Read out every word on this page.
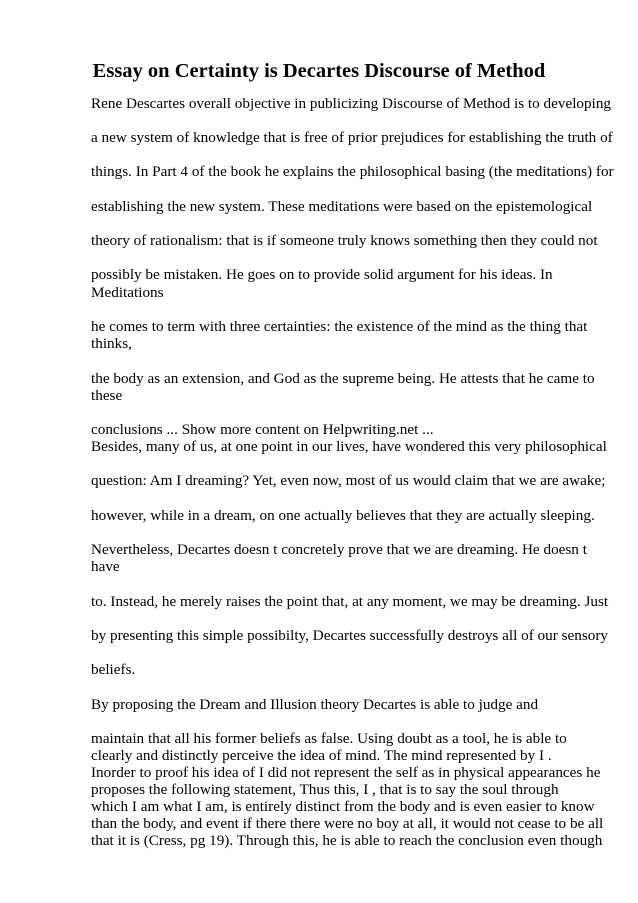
Essay on Certainty is Decartes Discourse of Method
Rene Descartes overall objective in publicizing Discourse of Method is to developing
a new system of knowledge that is free of prior prejudices for establishing the truth of
things. In Part 4 of the book he explains the philosophical basing (the meditations) for
establishing the new system. These meditations were based on the epistemological
theory of rationalism: that is if someone truly knows something then they could not
possibly be mistaken. He goes on to provide solid argument for his ideas. In
Meditations
he comes to term with three certainties: the existence of the mind as the thing that
thinks,
the body as an extension, and God as the supreme being. He attests that he came to
these
conclusions ... Show more content on Helpwriting.net ...
Besides, many of us, at one point in our lives, have wondered this very philosophical
question: Am I dreaming? Yet, even now, most of us would claim that we are awake;
however, while in a dream, on one actually believes that they are actually sleeping.
Nevertheless, Decartes doesn t concretely prove that we are dreaming. He doesn t
have
to. Instead, he merely raises the point that, at any moment, we may be dreaming. Just
by presenting this simple possibilty, Decartes successfully destroys all of our sensory
beliefs.
By proposing the Dream and Illusion theory Decartes is able to judge and
maintain that all his former beliefs as false. Using doubt as a tool, he is able to
clearly and distinctly perceive the idea of mind. The mind represented by I .
Inorder to proof his idea of I did not represent the self as in physical appearances he
proposes the following statement, Thus this, I , that is to say the soul through
which I am what I am, is entirely distinct from the body and is even easier to know
than the body, and event if there there were no boy at all, it would not cease to be all
that it is (Cress, pg 19). Through this, he is able to reach the conclusion even though
